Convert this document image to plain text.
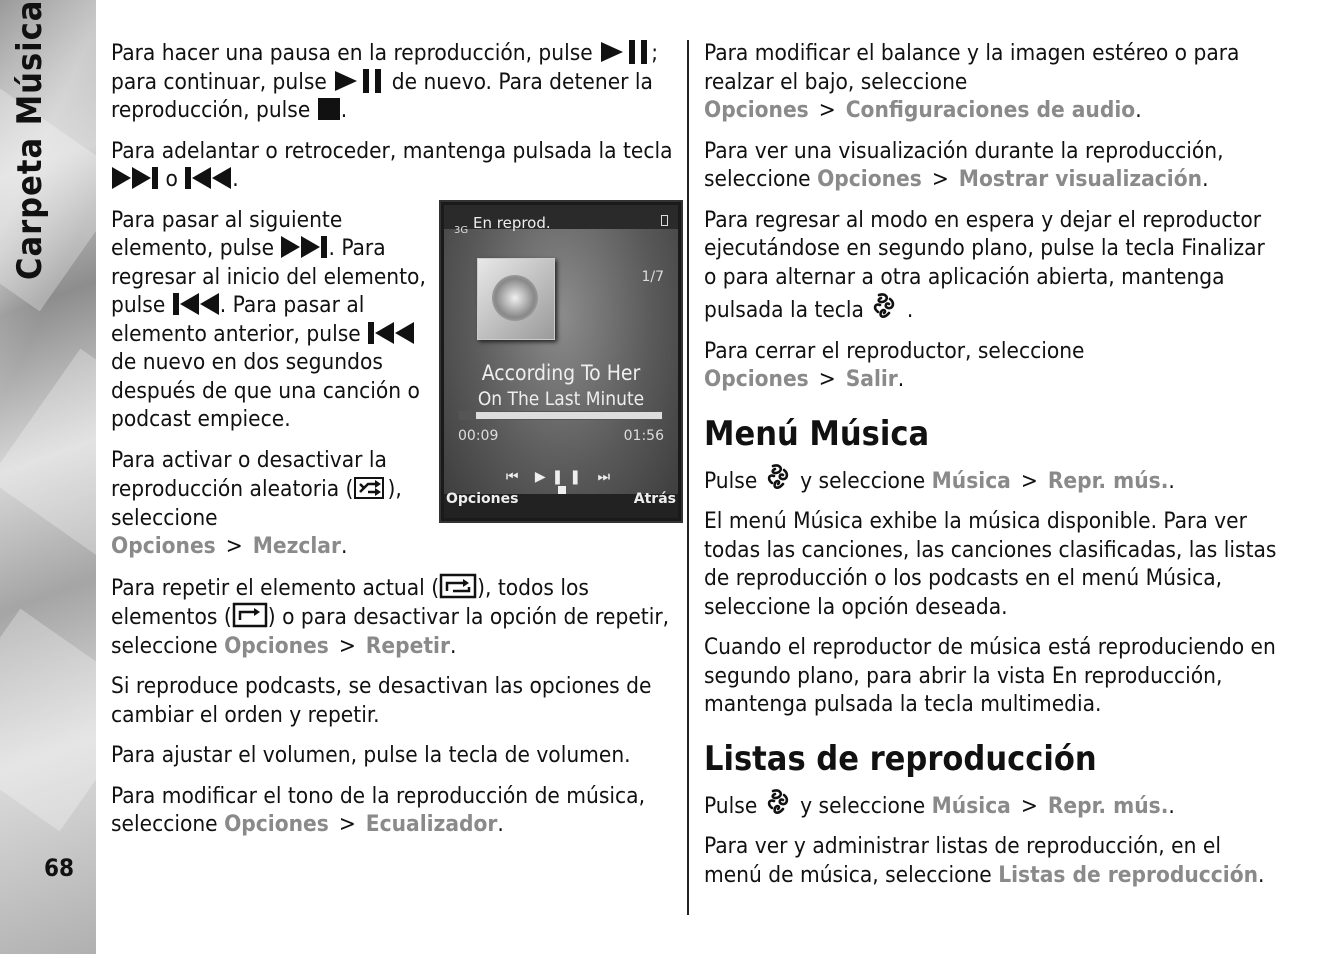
Carpeta Música
68

Para hacer una pausa en la reproducción, pulse	; para continuar, pulse	de nuevo. Para detener la reproducción, pulse .

Para adelantar o retroceder, mantenga pulsada la tecla  o .

3G En reprod.
1/7
According To Her
On The Last Minute
00:09	01:56
⏮ ▶❚❚ ⏭
Opciones	Atrás

Para pasar al siguiente elemento, pulse . Para regresar al inicio del elemento, pulse . Para pasar al elemento anterior, pulse  de nuevo en dos segundos después de que una canción o podcast empiece.

Para activar o desactivar la reproducción aleatoria ( ), seleccione Opciones > Mezclar.

Para repetir el elemento actual ( ), todos los elementos ( ) o para desactivar la opción de repetir, seleccione Opciones > Repetir.

Si reproduce podcasts, se desactivan las opciones de cambiar el orden y repetir.

Para ajustar el volumen, pulse la tecla de volumen.

Para modificar el tono de la reproducción de música, seleccione Opciones > Ecualizador.

Para modificar el balance y la imagen estéreo o para realzar el bajo, seleccione Opciones > Configuraciones de audio.

Para ver una visualización durante la reproducción, seleccione Opciones > Mostrar visualización.

Para regresar al modo en espera y dejar el reproductor ejecutándose en segundo plano, pulse la tecla Finalizar o para alternar a otra aplicación abierta, mantenga pulsada la tecla .

Para cerrar el reproductor, seleccione Opciones > Salir.

Menú Música

Pulse y seleccione Música > Repr. mús..

El menú Música exhibe la música disponible. Para ver todas las canciones, las canciones clasificadas, las listas de reproducción o los podcasts en el menú Música, seleccione la opción deseada.

Cuando el reproductor de música está reproduciendo en segundo plano, para abrir la vista En reproducción, mantenga pulsada la tecla multimedia.

Listas de reproducción

Pulse y seleccione Música > Repr. mús..

Para ver y administrar listas de reproducción, en el menú de música, seleccione Listas de reproducción.
